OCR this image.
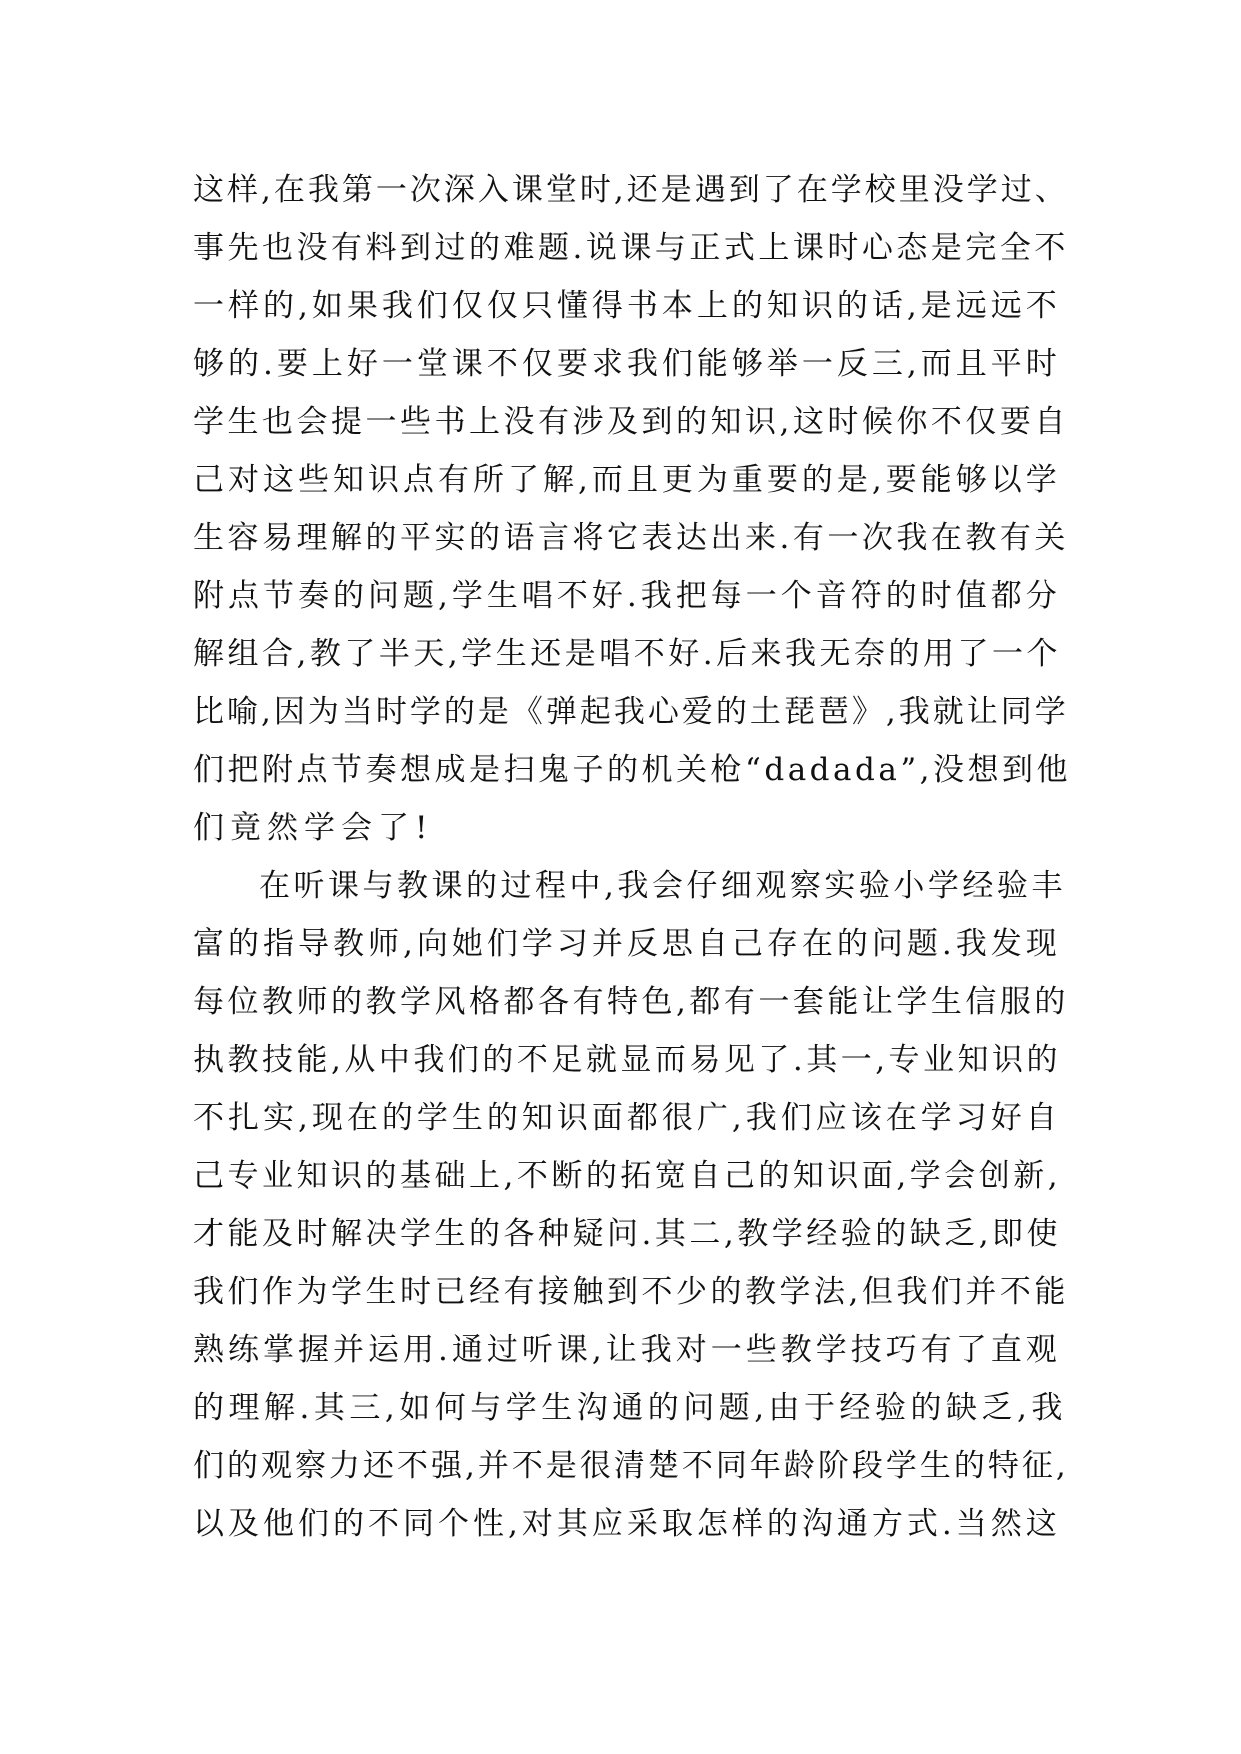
这样,在我第一次深入课堂时,还是遇到了在学校里没学过、
事先也没有料到过的难题.说课与正式上课时心态是完全不
一样的,如果我们仅仅只懂得书本上的知识的话,是远远不
够的.要上好一堂课不仅要求我们能够举一反三,而且平时
学生也会提一些书上没有涉及到的知识,这时候你不仅要自
己对这些知识点有所了解,而且更为重要的是,要能够以学
生容易理解的平实的语言将它表达出来.有一次我在教有关
附点节奏的问题,学生唱不好.我把每一个音符的时值都分
解组合,教了半天,学生还是唱不好.后来我无奈的用了一个
比喻,因为当时学的是《弹起我心爱的土琵琶》,我就让同学
们把附点节奏想成是扫鬼子的机关枪“dadada”,没想到他
们竟然学会了!
在听课与教课的过程中,我会仔细观察实验小学经验丰
富的指导教师,向她们学习并反思自己存在的问题.我发现
每位教师的教学风格都各有特色,都有一套能让学生信服的
执教技能,从中我们的不足就显而易见了.其一,专业知识的
不扎实,现在的学生的知识面都很广,我们应该在学习好自
己专业知识的基础上,不断的拓宽自己的知识面,学会创新,
才能及时解决学生的各种疑问.其二,教学经验的缺乏,即使
我们作为学生时已经有接触到不少的教学法,但我们并不能
熟练掌握并运用.通过听课,让我对一些教学技巧有了直观
的理解.其三,如何与学生沟通的问题,由于经验的缺乏,我
们的观察力还不强,并不是很清楚不同年龄阶段学生的特征,
以及他们的不同个性,对其应采取怎样的沟通方式.当然这
